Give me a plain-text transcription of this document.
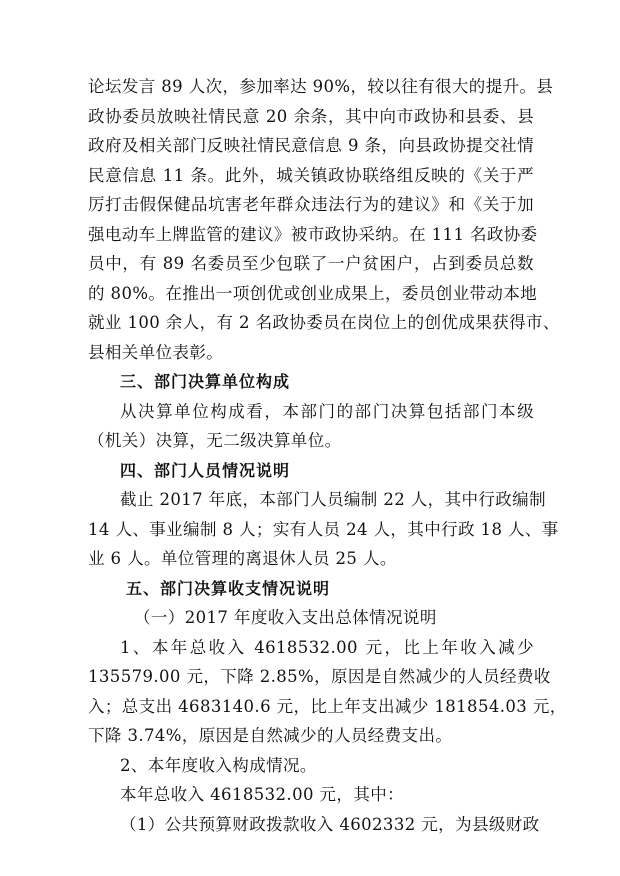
论坛发言 89 人次，参加率达 90%，较以往有很大的提升。县
政协委员放映社情民意 20 余条，其中向市政协和县委、县
政府及相关部门反映社情民意信息 9 条，向县政协提交社情
民意信息 11 条。此外，城关镇政协联络组反映的《关于严
厉打击假保健品坑害老年群众违法行为的建议》和《关于加
强电动车上牌监管的建议》被市政协采纳。在 111 名政协委
员中，有 89 名委员至少包联了一户贫困户，占到委员总数
的 80%。在推出一项创优或创业成果上，委员创业带动本地
就业 100 余人，有 2 名政协委员在岗位上的创优成果获得市、
县相关单位表彰。
三、部门决算单位构成
从决算单位构成看，本部门的部门决算包括部门本级
（机关）决算，无二级决算单位。
四、部门人员情况说明
截止 2017 年底，本部门人员编制 22 人，其中行政编制
14 人、事业编制 8 人；实有人员 24 人，其中行政 18 人、事
业 6 人。单位管理的离退休人员 25 人。
五、部门决算收支情况说明
（一）2017 年度收入支出总体情况说明
1、本年总收入 4618532.00 元，比上年收入减少
135579.00 元，下降 2.85%，原因是自然减少的人员经费收
入；总支出 4683140.6 元，比上年支出减少 181854.03 元，
下降 3.74%，原因是自然减少的人员经费支出。
2、本年度收入构成情况。
本年总收入 4618532.00 元，其中：
（1）公共预算财政拨款收入 4602332 元，为县级财政
